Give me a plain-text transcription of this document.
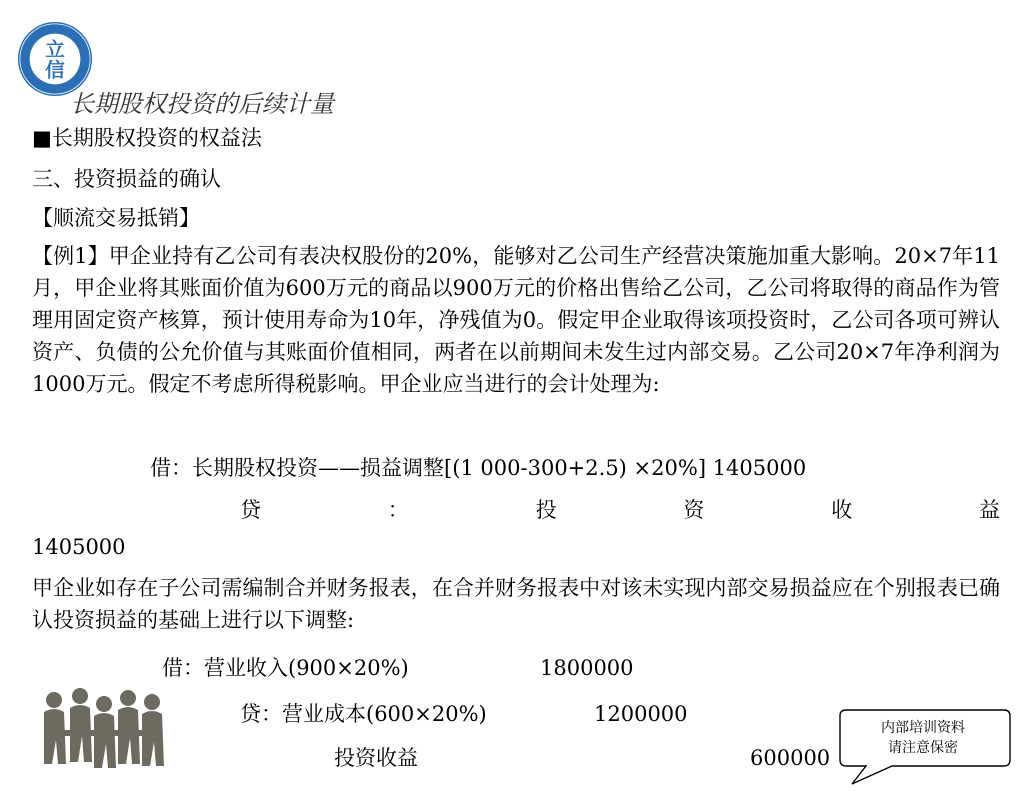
立
信
长期股权投资的后续计量
■长期股权投资的权益法
三、投资损益的确认
【顺流交易抵销】
【例1】甲企业持有乙公司有表决权股份的20%，能够对乙公司生产经营决策施加重大影响。20×7年11月，甲企业将其账面价值为600万元的商品以900万元的价格出售给乙公司，乙公司将取得的商品作为管理用固定资产核算，预计使用寿命为10年，净残值为0。假定甲企业取得该项投资时，乙公司各项可辨认资产、负债的公允价值与其账面价值相同，两者在以前期间未发生过内部交易。乙公司20×7年净利润为1000万元。假定不考虑所得税影响。甲企业应当进行的会计处理为:
借：长期股权投资——损益调整[(1 000-300+2.5) ×20%] 1405000
贷	：	投	资	收	益
1405000
甲企业如存在子公司需编制合并财务报表，在合并财务报表中对该未实现内部交易损益应在个别报表已确认投资损益的基础上进行以下调整:
借：营业收入(900×20%)	1800000
贷：营业成本(600×20%)	1200000
投资收益	600000
内部培训资料
请注意保密
